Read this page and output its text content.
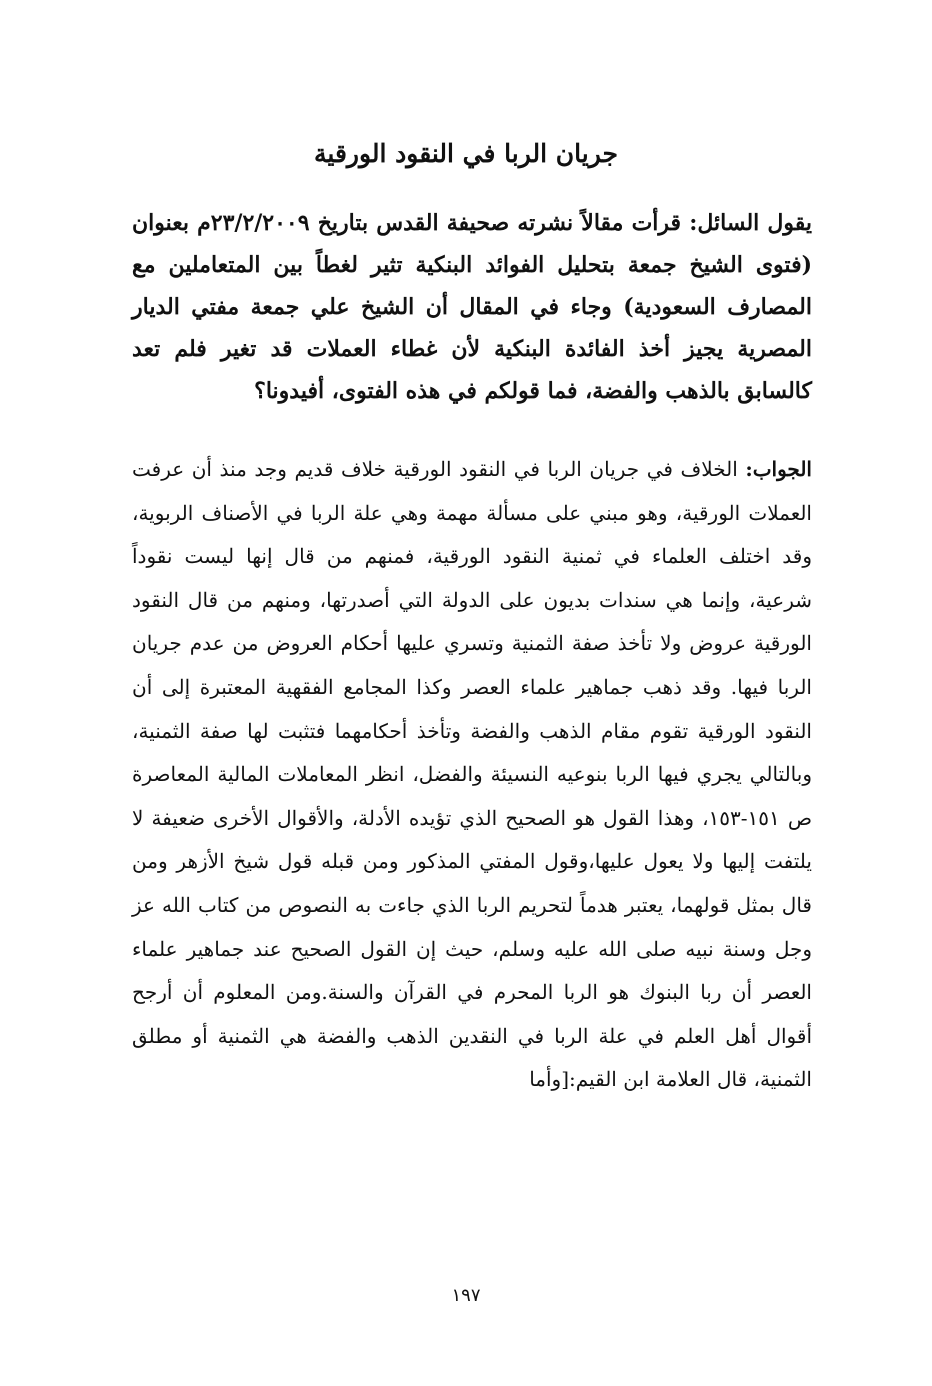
جريان الربا في النقود الورقية

يقول السائل: قرأت مقالاً نشرته صحيفة القدس بتاريخ ٢٣/٢/٢٠٠٩م بعنوان (فتوى الشيخ جمعة بتحليل الفوائد البنكية تثير لغطاً بين المتعاملين مع المصارف السعودية) وجاء في المقال أن الشيخ علي جمعة مفتي الديار المصرية يجيز أخذ الفائدة البنكية لأن غطاء العملات قد تغير فلم تعد كالسابق بالذهب والفضة، فما قولكم في هذه الفتوى، أفيدونا؟

الجواب: الخلاف في جريان الربا في النقود الورقية خلاف قديم وجد منذ أن عرفت العملات الورقية، وهو مبني على مسألة مهمة وهي علة الربا في الأصناف الربوية، وقد اختلف العلماء في ثمنية النقود الورقية، فمنهم من قال إنها ليست نقوداً شرعية، وإنما هي سندات بديون على الدولة التي أصدرتها، ومنهم من قال النقود الورقية عروض ولا تأخذ صفة الثمنية وتسري عليها أحكام العروض من عدم جريان الربا فيها. وقد ذهب جماهير علماء العصر وكذا المجامع الفقهية المعتبرة إلى أن النقود الورقية تقوم مقام الذهب والفضة وتأخذ أحكامهما فتثبت لها صفة الثمنية، وبالتالي يجري فيها الربا بنوعيه النسيئة والفضل، انظر المعاملات المالية المعاصرة ص ١٥١-١٥٣، وهذا القول هو الصحيح الذي تؤيده الأدلة، والأقوال الأخرى ضعيفة لا يلتفت إليها ولا يعول عليها،وقول المفتي المذكور ومن قبله قول شيخ الأزهر ومن قال بمثل قولهما، يعتبر هدماً لتحريم الربا الذي جاءت به النصوص من كتاب الله عز وجل وسنة نبيه صلى الله عليه وسلم، حيث إن القول الصحيح عند جماهير علماء العصر أن ربا البنوك هو الربا المحرم في القرآن والسنة.ومن المعلوم أن أرجح أقوال أهل العلم في علة الربا في النقدين الذهب والفضة هي الثمنية أو مطلق الثمنية، قال العلامة ابن القيم:[وأما

١٩٧
